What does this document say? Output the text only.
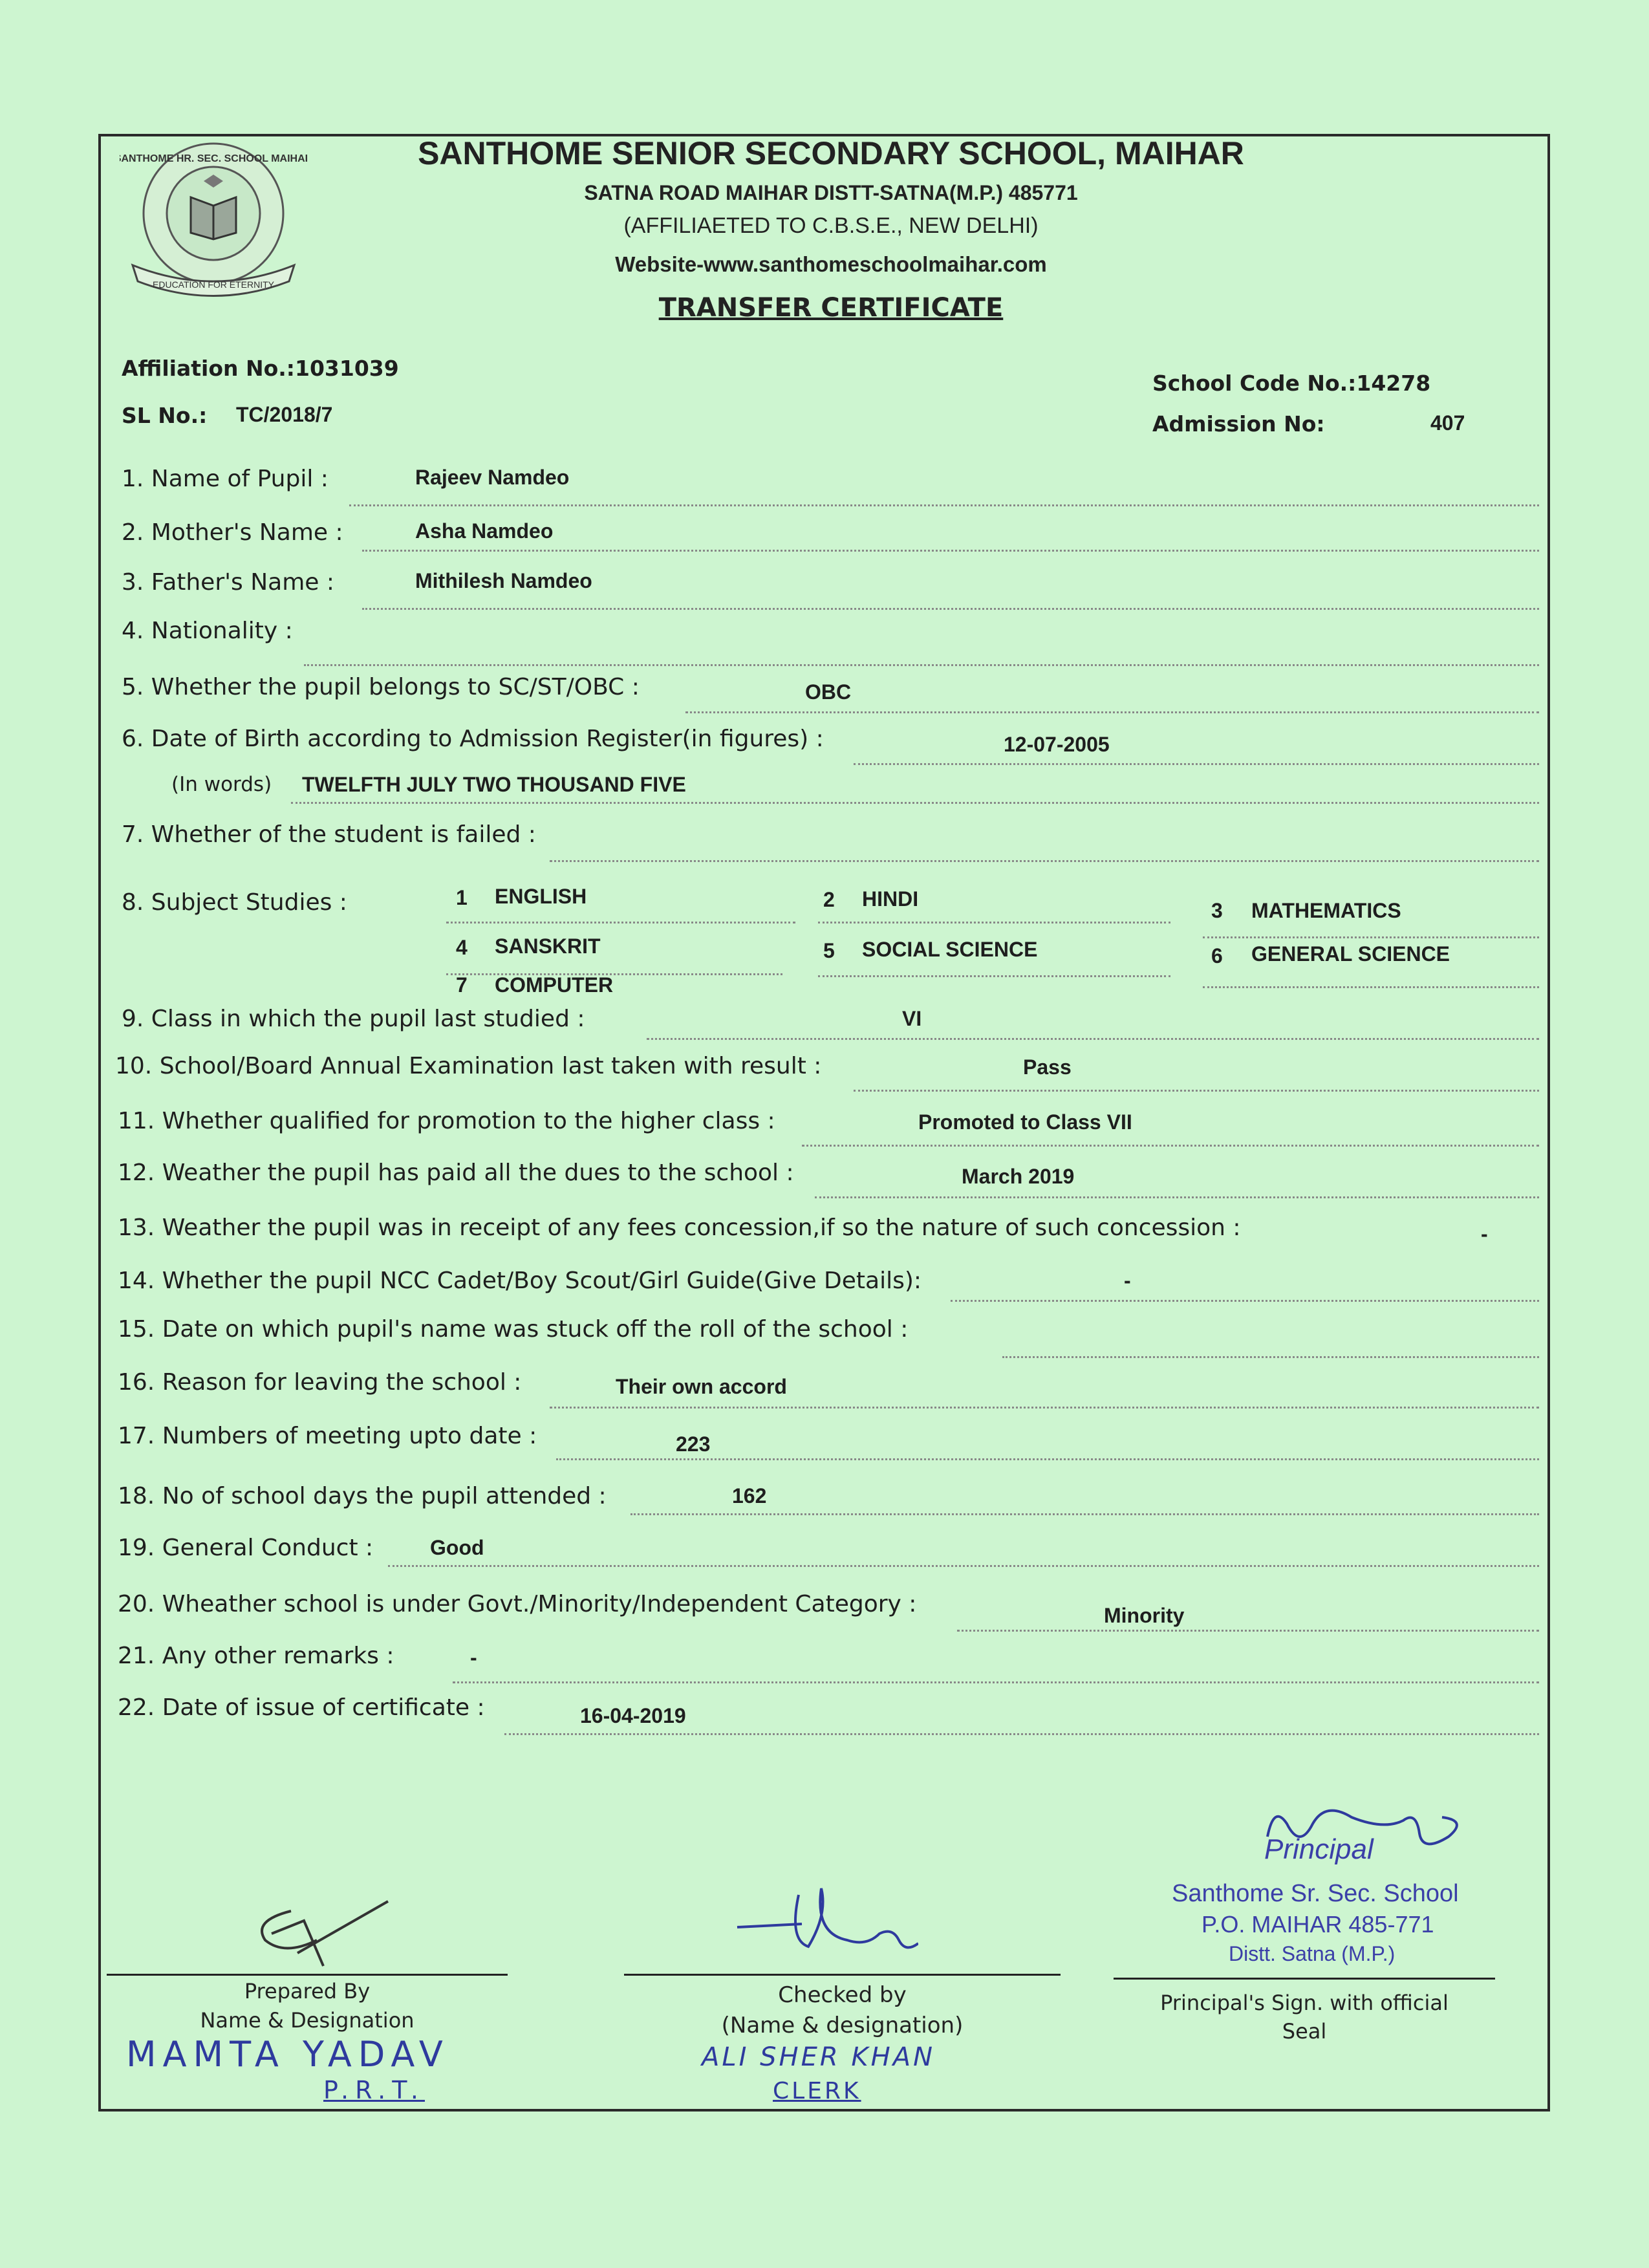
EDUCATION FOR ETERNITY
SANTHOME HR. SEC. SCHOOL MAIHAR	SANTHOME SENIOR SECONDARY SCHOOL, MAIHAR
SATNA ROAD MAIHAR DISTT-SATNA(M.P.) 485771
(AFFILIAETED TO C.B.S.E., NEW DELHI)
Website-www.santhomeschoolmaihar.com
TRANSFER CERTIFICATE
Affiliation No.:1031039
SL No.: TC/2018/7
School Code No.:14278
Admission No:	407
1. Name of Pupil :	Rajeev Namdeo
2. Mother's Name :	Asha Namdeo
3. Father's Name :	Mithilesh Namdeo
4. Nationality :
5. Whether the pupil belongs to SC/ST/OBC :	OBC
6. Date of Birth according to Admission Register(in figures) :	12-07-2005
(In words) TWELFTH JULY TWO THOUSAND FIVE
7. Whether of the student is failed :
8. Subject Studies :	1 ENGLISH	2 HINDI	3 MATHEMATICS
4 SANSKRIT	5 SOCIAL SCIENCE	6 GENERAL SCIENCE
7 COMPUTER
9. Class in which the pupil last studied :	VI
10. School/Board Annual Examination last taken with result :	Pass
11. Whether qualified for promotion to the higher class :	Promoted to Class VII
12. Weather the pupil has paid all the dues to the school :	March 2019
13. Weather the pupil was in receipt of any fees concession,if so the nature of such concession :	-
14. Whether the pupil NCC Cadet/Boy Scout/Girl Guide(Give Details):	-
15. Date on which pupil's name was stuck off the roll of the school :
16. Reason for leaving the school :	Their own accord
17. Numbers of meeting upto date :	223
18. No of school days the pupil attended :	162
19. General Conduct :	Good
20. Wheather school is under Govt./Minority/Independent Category :	Minority
21. Any other remarks :	-
22. Date of issue of certificate :	16-04-2019
Principal
Santhome Sr. Sec. School
P.O. MAIHAR 485-771
Distt. Satna (M.P.)
Prepared By
Name & Designation
MAMTA YADAV
P.R.T.
Checked by
(Name & designation)
ALI SHER KHAN
CLERK
Principal's Sign. with official
Seal
